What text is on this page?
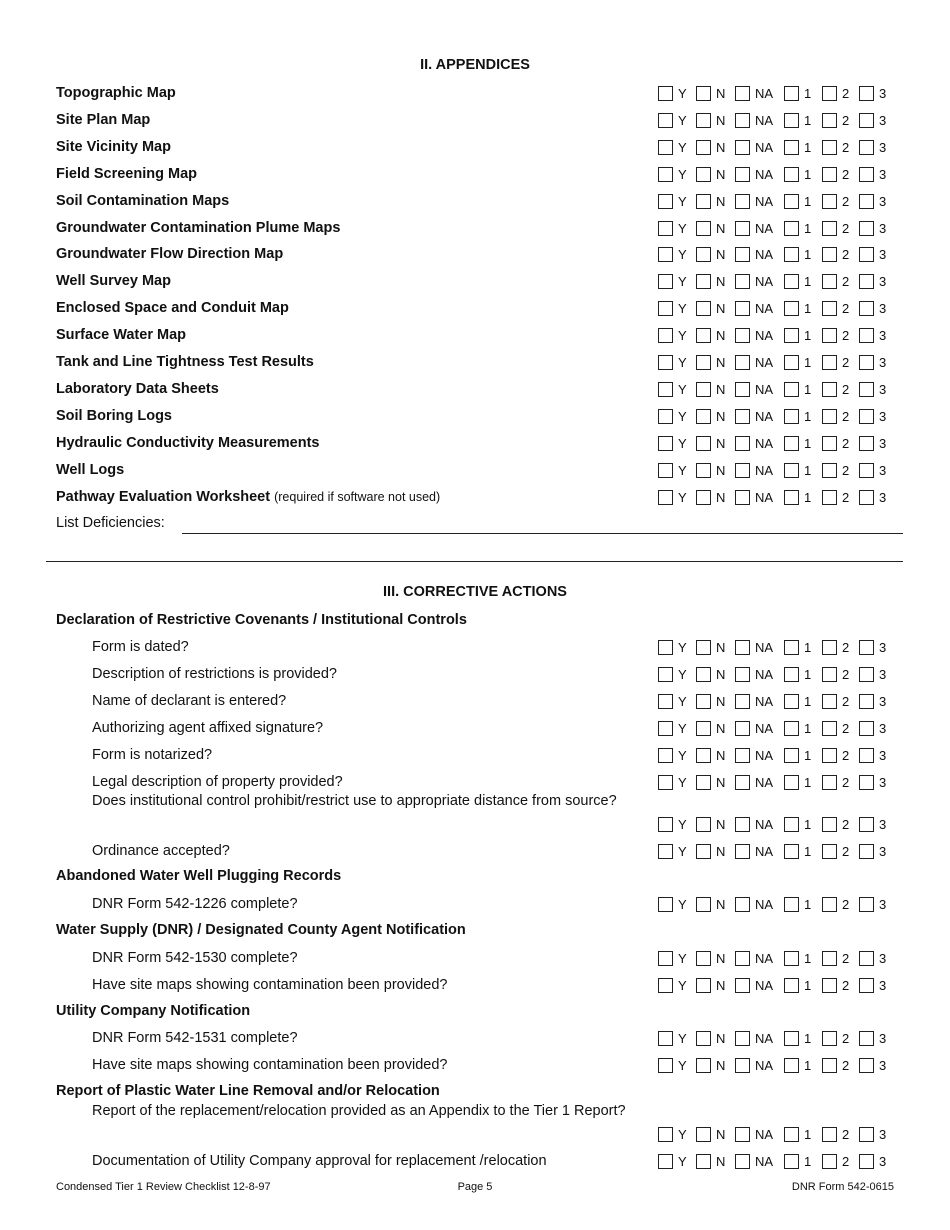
II. APPENDICES
Topographic Map	Y N NA 1 2 3
Site Plan Map	Y N NA 1 2 3
Site Vicinity Map	Y N NA 1 2 3
Field Screening Map	Y N NA 1 2 3
Soil Contamination Maps	Y N NA 1 2 3
Groundwater Contamination Plume Maps	Y N NA 1 2 3
Groundwater Flow Direction Map	Y N NA 1 2 3
Well Survey Map	Y N NA 1 2 3
Enclosed Space and Conduit Map	Y N NA 1 2 3
Surface Water Map	Y N NA 1 2 3
Tank and Line Tightness Test Results	Y N NA 1 2 3
Laboratory Data Sheets	Y N NA 1 2 3
Soil Boring Logs	Y N NA 1 2 3
Hydraulic Conductivity Measurements	Y N NA 1 2 3
Well Logs	Y N NA 1 2 3
Pathway Evaluation Worksheet (required if software not used)	Y N NA 1 2 3
List Deficiencies:
III. CORRECTIVE ACTIONS
Declaration of Restrictive Covenants / Institutional Controls
Form is dated?	Y N NA 1 2 3
Description of restrictions is provided?	Y N NA 1 2 3
Name of declarant is entered?	Y N NA 1 2 3
Authorizing agent affixed signature?	Y N NA 1 2 3
Form is notarized?	Y N NA 1 2 3
Legal description of property provided?	Y N NA 1 2 3
Does institutional control prohibit/restrict use to appropriate distance from source?
Y N NA 1 2 3
Ordinance accepted?	Y N NA 1 2 3
Abandoned Water Well Plugging Records
DNR Form 542-1226 complete?	Y N NA 1 2 3
Water Supply (DNR) / Designated County Agent Notification
DNR Form 542-1530 complete?	Y N NA 1 2 3
Have site maps showing contamination been provided?	Y N NA 1 2 3
Utility Company Notification
DNR Form 542-1531 complete?	Y N NA 1 2 3
Have site maps showing contamination been provided?	Y N NA 1 2 3
Report of Plastic Water Line Removal and/or Relocation
Report of the replacement/relocation provided as an Appendix to the Tier 1 Report?
Y N NA 1 2 3
Documentation of Utility Company approval for replacement /relocation	Y N NA 1 2 3
Condensed Tier 1 Review Checklist 12-8-97	Page 5	DNR Form 542-0615
